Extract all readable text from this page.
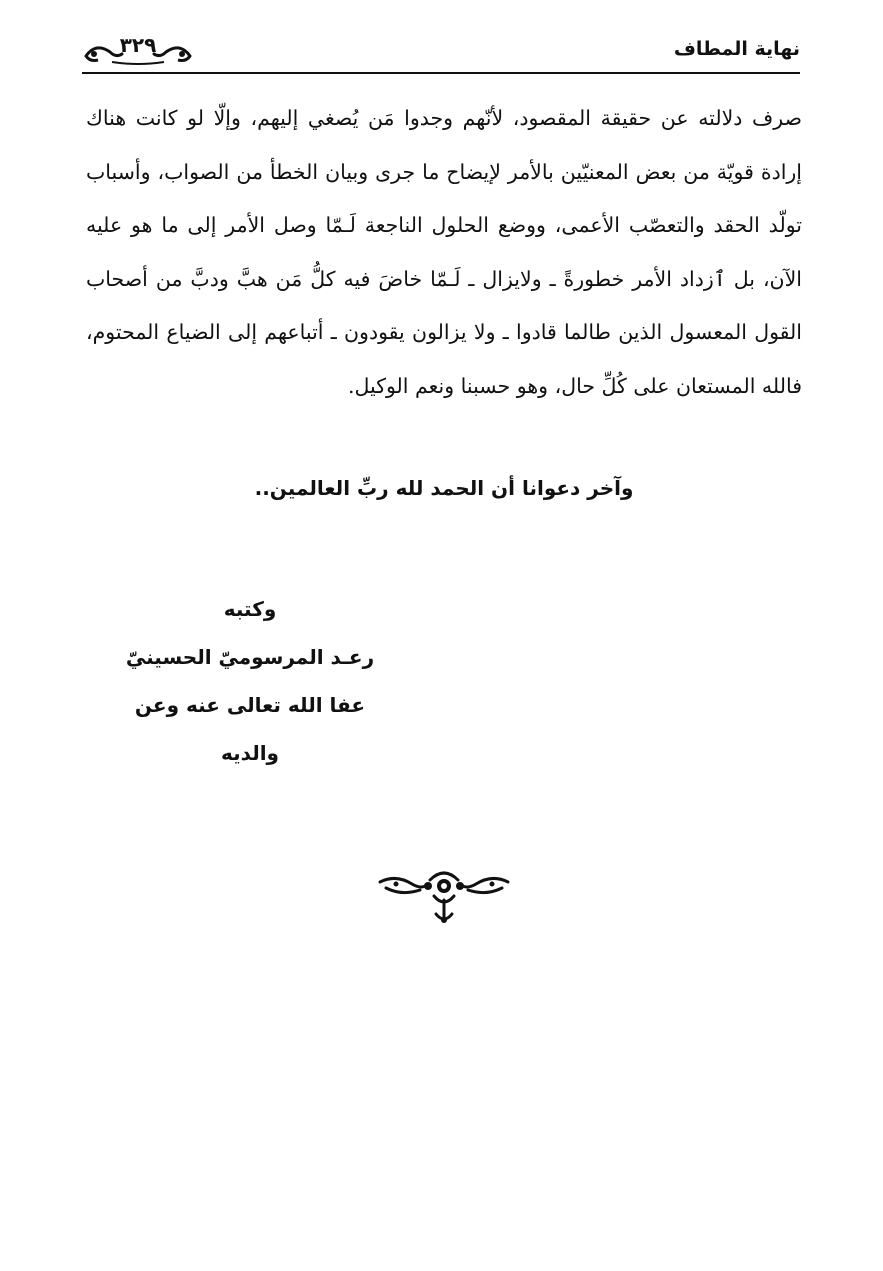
نهاية المطاف
٣٢٩
صرف دلالته عن حقيقة المقصود، لأنّهم وجدوا مَن يُصغي إليهم، وإلّا لو كانت هناك إرادة قويّة من بعض المعنيّين بالأمر لإيضاح ما جرى وبيان الخطأ من الصواب، وأسباب تولّد الحقد والتعصّب الأعمى، ووضع الحلول الناجعة لَـمّا وصل الأمر إلى ما هو عليه الآن، بل ٱزداد الأمر خطورةً ـ ولايزال ـ لَـمّا خاضَ فيه كلُّ مَن هبَّ ودبَّ من أصحاب القول المعسول الذين طالما قادوا ـ ولا يزالون يقودون ـ أتباعهم إلى الضياع المحتوم، فالله المستعان على كُلِّ حال، وهو حسبنا ونعم الوكيل.
وآخر دعوانا أن الحمد لله ربِّ العالمين..
وكتبه
رعـد المرسوميّ الحسينيّ
عفا الله تعالى عنه وعن والديه
